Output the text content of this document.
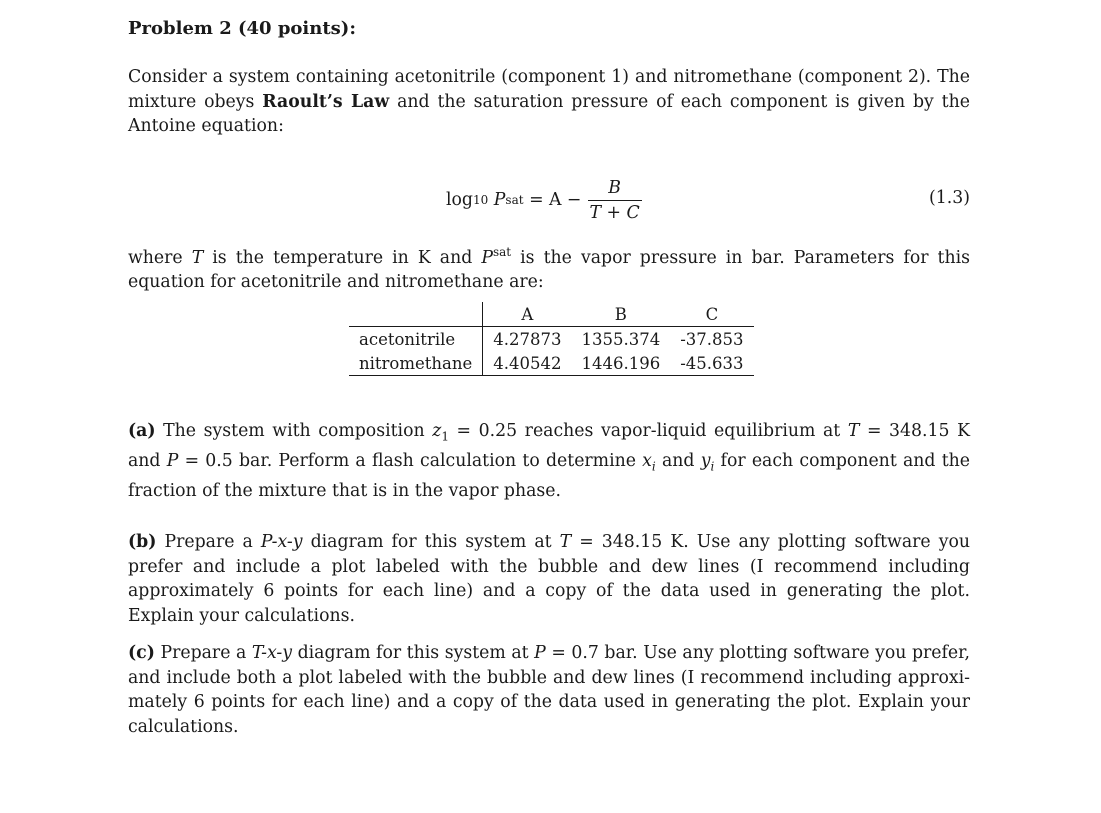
Problem 2 (40 points):

Consider a system containing acetonitrile (component 1) and nitromethane (component 2). The mixture obeys Raoult’s Law and the saturation pressure of each component is given by the Antoine equation:

log 10
P sat
= $A - \frac{B}{T + C}$	(1.3)

where T is the temperature in K and $P^{sat}$ is the vapor pressure in bar. Parameters for this equation for acetonitrile and nitromethane are:

	A	B	C
acetonitrile	4.27873	1355.374	-37.853
nitromethane	4.40542	1446.196	-45.633

(a) The system with composition $z_1 = 0.25$ reaches vapor-liquid equilibrium at T = 348.15 K and P = 0.5 bar. Perform a flash calculation to determine $x_i$ and $y_i$ for each component and the fraction of the mixture that is in the vapor phase.

(b) Prepare a P-x-y diagram for this system at T = 348.15 K. Use any plotting software you prefer and include a plot labeled with the bubble and dew lines (I recommend including approximately 6 points for each line) and a copy of the data used in generating the plot. Explain your calculations.

(c) Prepare a T-x-y diagram for this system at P = 0.7 bar. Use any plotting software you prefer, and include both a plot labeled with the bubble and dew lines (I recommend including approxi-mately 6 points for each line) and a copy of the data used in generating the plot. Explain your calculations.
